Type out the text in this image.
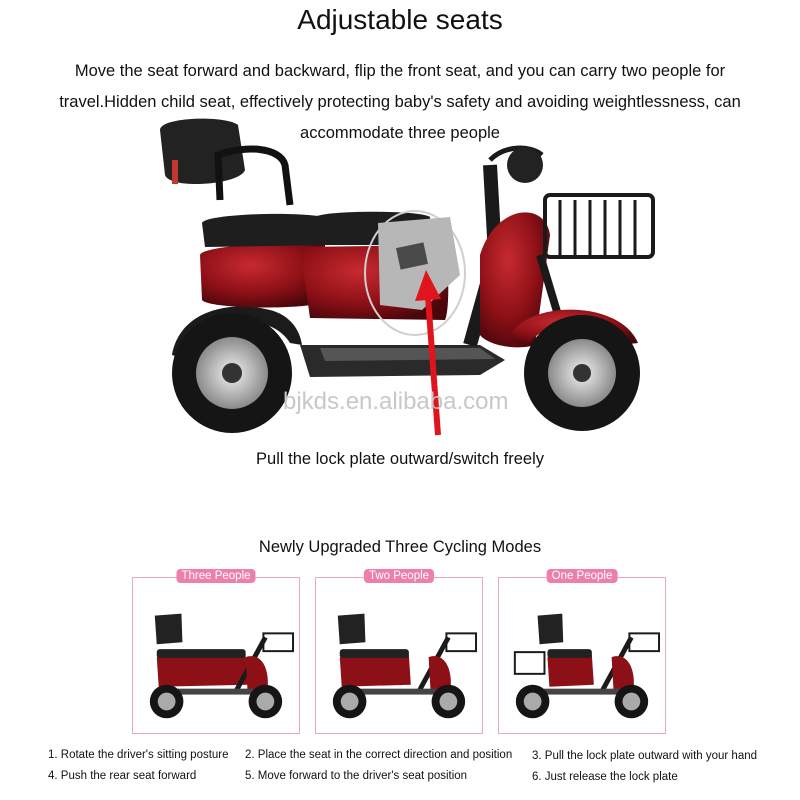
Adjustable seats
Move the seat forward and backward, flip the front seat, and you can carry two people for travel.Hidden child seat, effectively protecting baby's safety and avoiding weightlessness, can accommodate three people
bjkds.en.alibaba.com
Pull the lock plate outward/switch freely
Newly Upgraded Three Cycling Modes
Three People	Two People	One People
1. Rotate the driver's sitting posture 2. Place the seat in the correct direction and position 3. Pull the lock plate outward with your hand
4. Push the rear seat forward	5. Move forward to the driver's seat position	6. Just release the lock plate
